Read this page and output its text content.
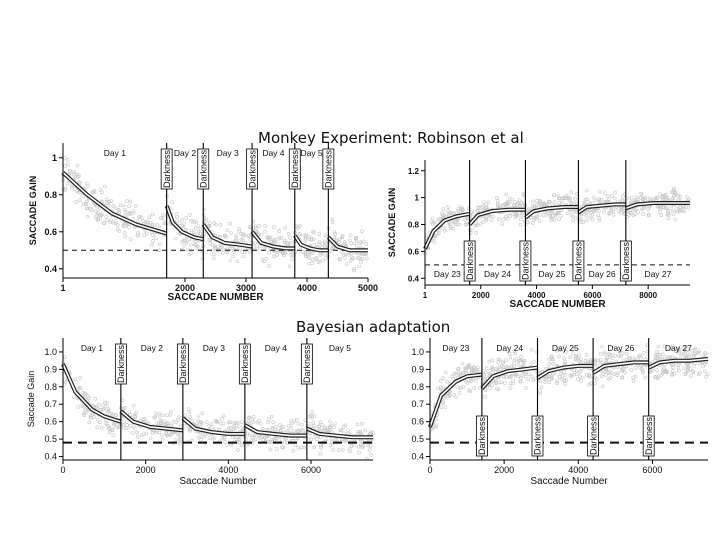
Monkey Experiment: Robinson et al
Bayesian adaptation
Darkness	Darkness	Darkness	Darkness	Darkness
Day 1	Day 2 Day 3	Day 4 Day 5
1	2000	3000	4000	5000
0.4
0.6
0.8
1
SACCADE NUMBER
SACCADE GAIN
Darkness	Darkness	Darkness	Darkness
Day 23	Day 24	Day 25	Day 26	Day 27
1	2000	4000	6000	8000
0.4
0.6
0.8
1
1.2
SACCADE NUMBER
SACCADE GAIN
Darkness	Darkness	Darkness	Darkness
Day 1	Day 2	Day 3	Day 4	Day 5
0	2000	4000	6000
0.4
0.5
0.6
0.7
0.8
0.9
1.0
Saccade Number
Saccade Gain
Darkness	Darkness	Darkness	Darkness
Day 23	Day 24	Day 25	Day 26	Day 27
0	2000	4000	6000
0.4
0.5
0.6
0.7
0.8
0.9
1.0
Saccade Number
